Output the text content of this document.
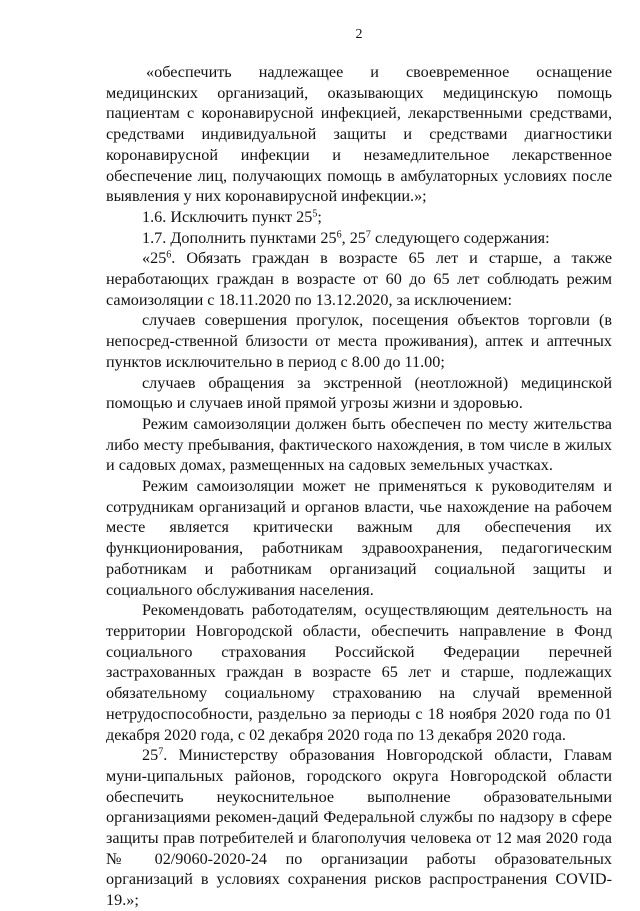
2

«обеспечить надлежащее и своевременное оснащение медицинских организаций, оказывающих медицинскую помощь пациентам с коронавирусной инфекцией, лекарственными средствами, средствами индивидуальной защиты и средствами диагностики коронавирусной инфекции и незамедлительное лекарственное обеспечение лиц, получающих помощь в амбулаторных условиях после выявления у них коронавирусной инфекции.»;

1.6. Исключить пункт $25^5$;

1.7. Дополнить пунктами $25^6$, $25^7$ следующего содержания:

«$25^6$. Обязать граждан в возрасте 65 лет и старше, а также неработающих граждан в возрасте от 60 до 65 лет соблюдать режим самоизоляции с 18.11.2020 по 13.12.2020, за исключением:

случаев совершения прогулок, посещения объектов торговли (в непосред-ственной близости от места проживания), аптек и аптечных пунктов исключительно в период с 8.00 до 11.00;

случаев обращения за экстренной (неотложной) медицинской помощью и случаев иной прямой угрозы жизни и здоровью.

Режим самоизоляции должен быть обеспечен по месту жительства либо месту пребывания, фактического нахождения, в том числе в жилых и садовых домах, размещенных на садовых земельных участках.

Режим самоизоляции может не применяться к руководителям и сотрудникам организаций и органов власти, чье нахождение на рабочем месте является критически важным для обеспечения их функционирования, работникам здравоохранения, педагогическим работникам и работникам организаций социальной защиты и социального обслуживания населения.

Рекомендовать работодателям, осуществляющим деятельность на территории Новгородской области, обеспечить направление в Фонд социального страхования Российской Федерации перечней застрахованных граждан в возрасте 65 лет и старше, подлежащих обязательному социальному страхованию на случай временной нетрудоспособности, раздельно за периоды с 18 ноября 2020 года по 01 декабря 2020 года, с 02 декабря 2020 года по 13 декабря 2020 года.

$25^7$. Министерству образования Новгородской области, Главам муни-ципальных районов, городского округа Новгородской области обеспечить неукоснительное выполнение образовательными организациями рекомен-даций Федеральной службы по надзору в сфере защиты прав потребителей и благополучия человека от 12 мая 2020 года № 02/9060-2020-24 по организации работы образовательных организаций в условиях сохранения рисков распространения COVID-19.»;
